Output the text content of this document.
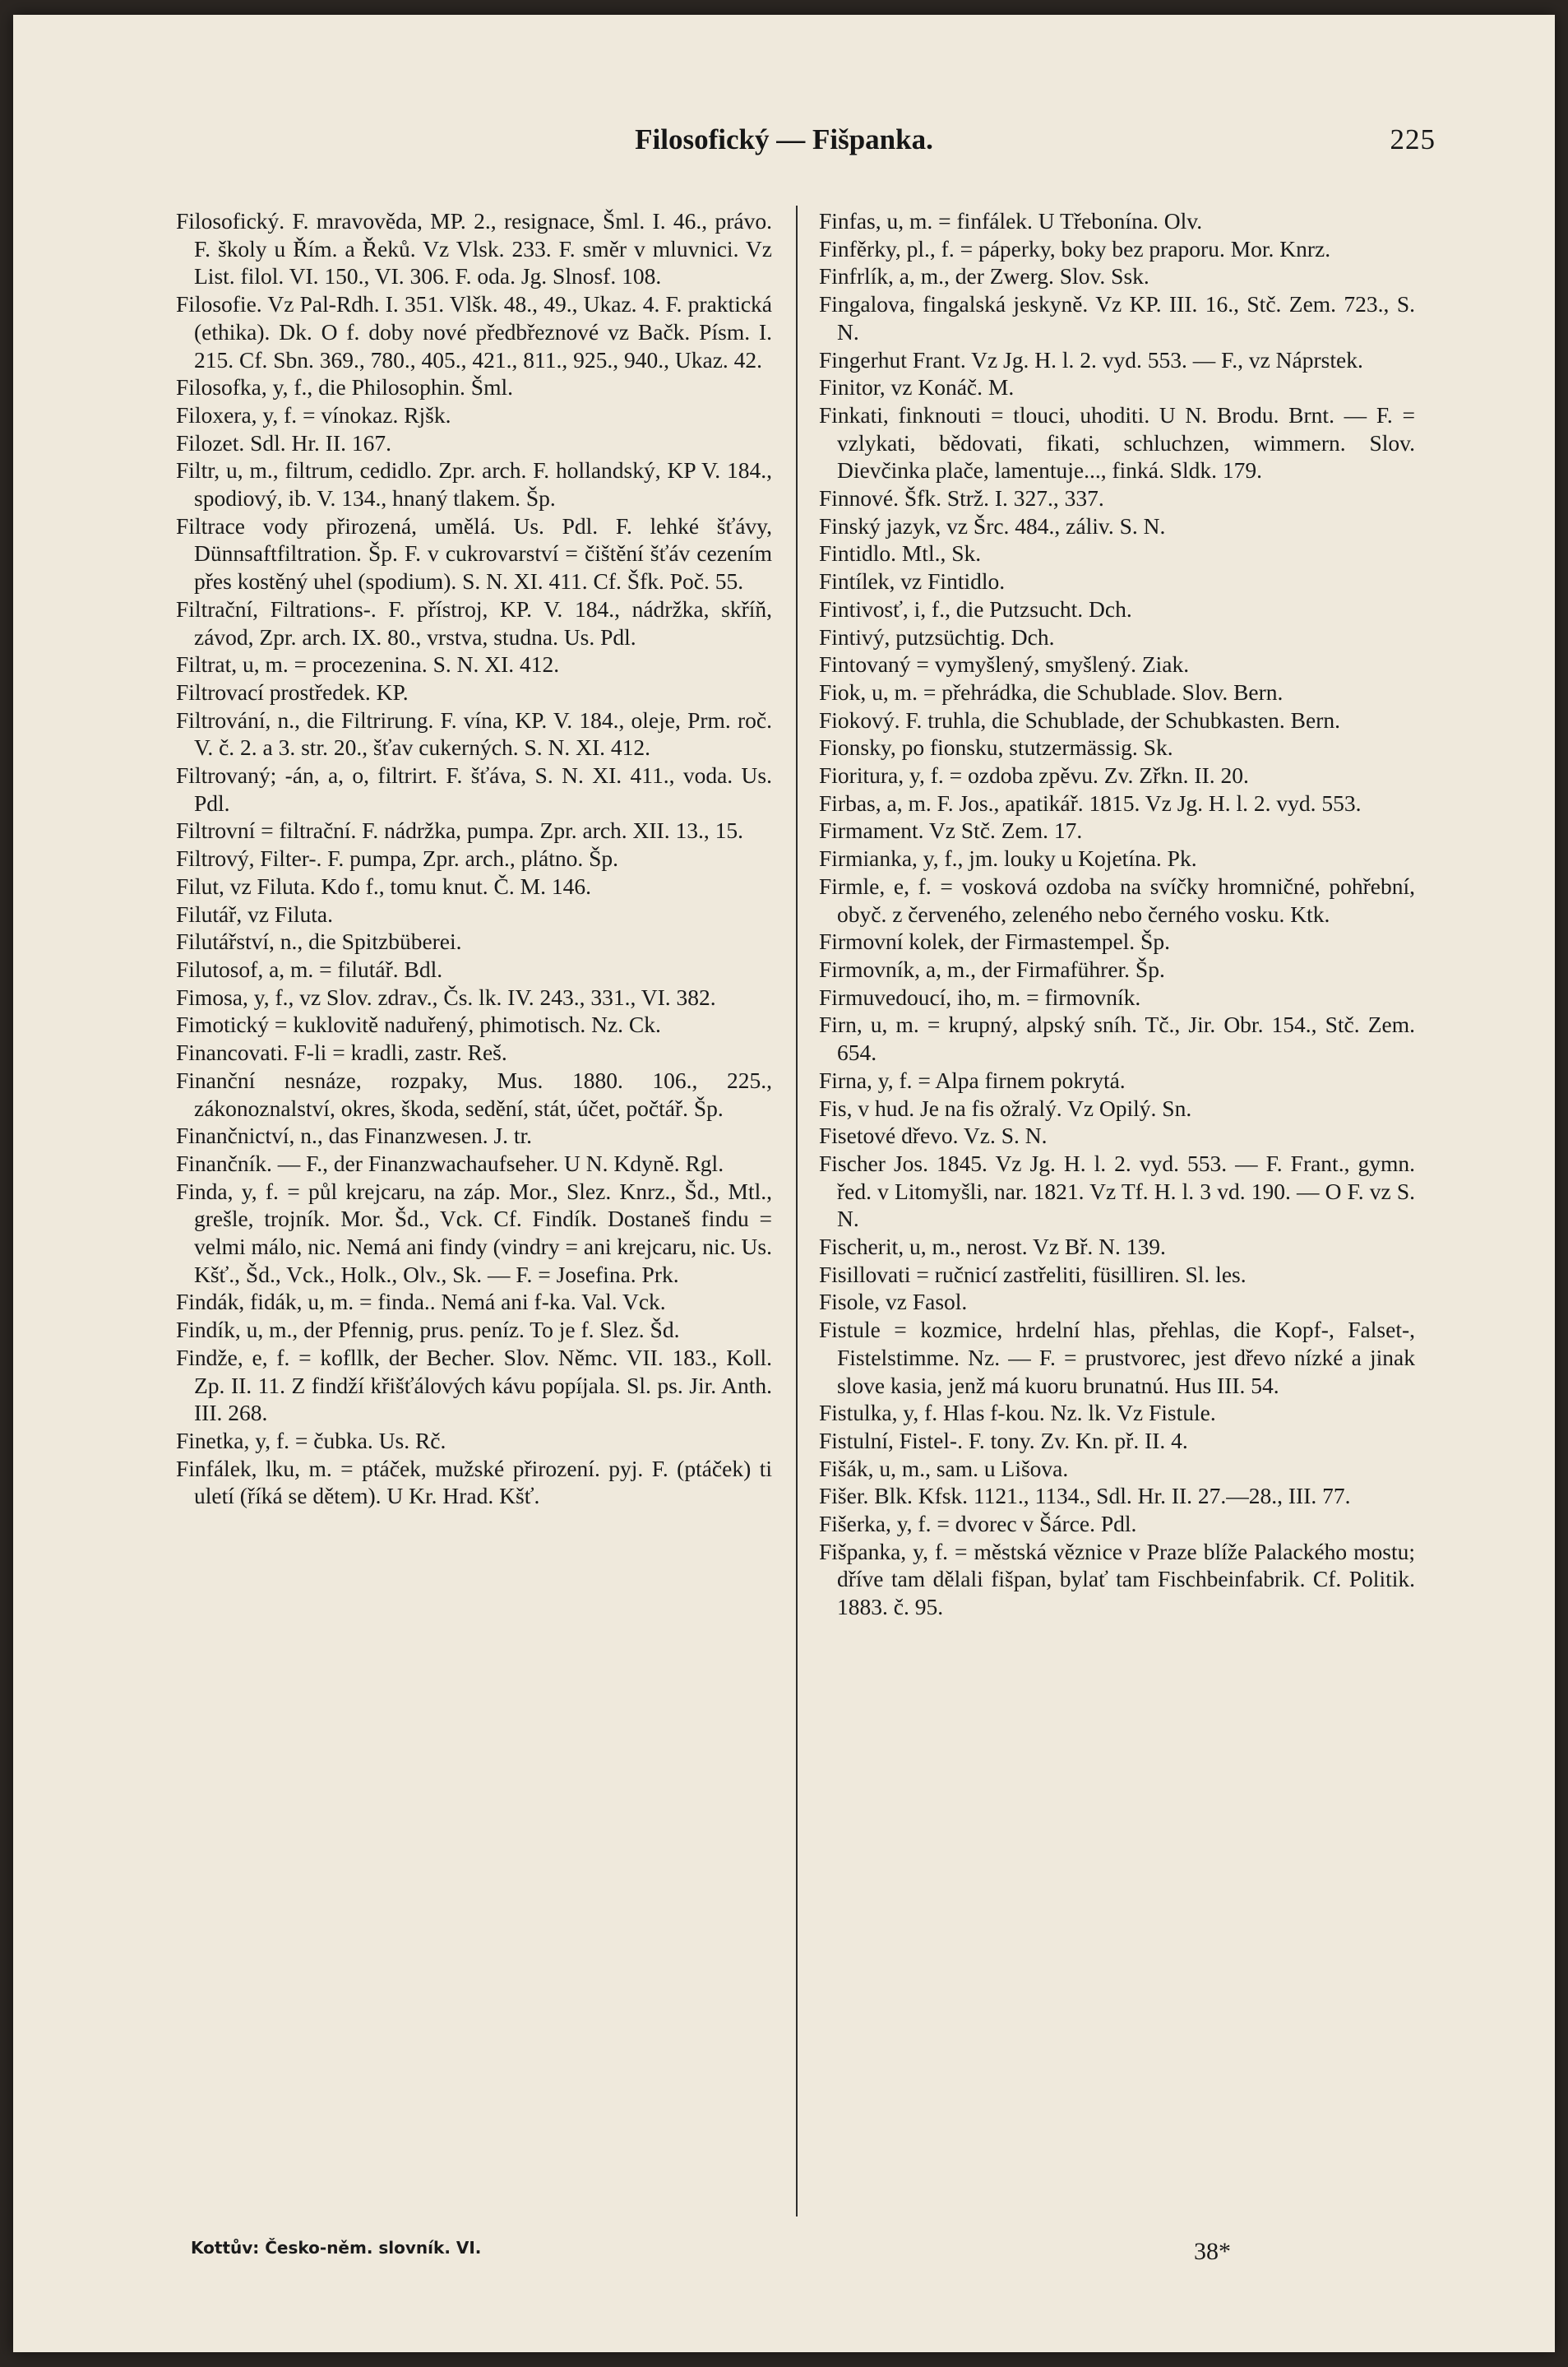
Filosofický — Fišpanka.	225

Filosofický. F. mravověda, MP. 2., resignace, Šml. I. 46., právo. F. školy u Řím. a Řeků. Vz Vlsk. 233. F. směr v mluvnici. Vz List. filol. VI. 150., VI. 306. F. oda. Jg. Slnosf. 108.

Filosofie. Vz Pal-Rdh. I. 351. Vlšk. 48., 49., Ukaz. 4. F. praktická (ethika). Dk. O f. doby nové předbřeznové vz Bačk. Písm. I. 215. Cf. Sbn. 369., 780., 405., 421., 811., 925., 940., Ukaz. 42.

Filosofka, y, f., die Philosophin. Šml.

Filoxera, y, f. = vínokaz. Rjšk.

Filozet. Sdl. Hr. II. 167.

Filtr, u, m., filtrum, cedidlo. Zpr. arch. F. hollandský, KP V. 184., spodiový, ib. V. 134., hnaný tlakem. Šp.

Filtrace vody přirozená, umělá. Us. Pdl. F. lehké šťávy, Dünnsaftfiltration. Šp. F. v cukrovarství = čištění šťáv cezením přes kostěný uhel (spodium). S. N. XI. 411. Cf. Šfk. Poč. 55.

Filtrační, Filtrations-. F. přístroj, KP. V. 184., nádržka, skříň, závod, Zpr. arch. IX. 80., vrstva, studna. Us. Pdl.

Filtrat, u, m. = procezenina. S. N. XI. 412.

Filtrovací prostředek. KP.

Filtrování, n., die Filtrirung. F. vína, KP. V. 184., oleje, Prm. roč. V. č. 2. a 3. str. 20., šťav cukerných. S. N. XI. 412.

Filtrovaný; -án, a, o, filtrirt. F. šťáva, S. N. XI. 411., voda. Us. Pdl.

Filtrovní = filtrační. F. nádržka, pumpa. Zpr. arch. XII. 13., 15.

Filtrový, Filter-. F. pumpa, Zpr. arch., plátno. Šp.

Filut, vz Filuta. Kdo f., tomu knut. Č. M. 146.

Filutář, vz Filuta.

Filutářství, n., die Spitzbüberei.

Filutosof, a, m. = filutář. Bdl.

Fimosa, y, f., vz Slov. zdrav., Čs. lk. IV. 243., 331., VI. 382.

Fimotický = kuklovitě naduřený, phimotisch. Nz. Ck.

Financovati. F-li = kradli, zastr. Reš.

Finanční nesnáze, rozpaky, Mus. 1880. 106., 225., zákonoznalství, okres, škoda, sedění, stát, účet, počtář. Šp.

Finančnictví, n., das Finanzwesen. J. tr.

Finančník. — F., der Finanzwachaufseher. U N. Kdyně. Rgl.

Finda, y, f. = půl krejcaru, na záp. Mor., Slez. Knrz., Šd., Mtl., grešle, trojník. Mor. Šd., Vck. Cf. Findík. Dostaneš findu = velmi málo, nic. Nemá ani findy (vindry = ani krejcaru, nic. Us. Kšť., Šd., Vck., Holk., Olv., Sk. — F. = Josefina. Prk.

Findák, fidák, u, m. = finda.. Nemá ani f-ka. Val. Vck.

Findík, u, m., der Pfennig, prus. peníz. To je f. Slez. Šd.

Findže, e, f. = kofllk, der Becher. Slov. Němc. VII. 183., Koll. Zp. II. 11. Z findží křišťálových kávu popíjala. Sl. ps. Jir. Anth. III. 268.

Finetka, y, f. = čubka. Us. Rč.

Finfálek, lku, m. = ptáček, mužské přirození. pyj. F. (ptáček) ti uletí (říká se dětem). U Kr. Hrad. Kšť.

Finfas, u, m. = finfálek. U Třebonína. Olv.

Finfěrky, pl., f. = páperky, boky bez praporu. Mor. Knrz.

Finfrlík, a, m., der Zwerg. Slov. Ssk.

Fingalova, fingalská jeskyně. Vz KP. III. 16., Stč. Zem. 723., S. N.

Fingerhut Frant. Vz Jg. H. l. 2. vyd. 553. — F., vz Náprstek.

Finitor, vz Konáč. M.

Finkati, finknouti = tlouci, uhoditi. U N. Brodu. Brnt. — F. = vzlykati, bědovati, fikati, schluchzen, wimmern. Slov. Dievčinka plače, lamentuje..., finká. Sldk. 179.

Finnové. Šfk. Strž. I. 327., 337.

Finský jazyk, vz Šrc. 484., záliv. S. N.

Fintidlo. Mtl., Sk.

Fintílek, vz Fintidlo.

Fintivosť, i, f., die Putzsucht. Dch.

Fintivý, putzsüchtig. Dch.

Fintovaný = vymyšlený, smyšlený. Ziak.

Fiok, u, m. = přehrádka, die Schublade. Slov. Bern.

Fiokový. F. truhla, die Schublade, der Schubkasten. Bern.

Fionsky, po fionsku, stutzermässig. Sk.

Fioritura, y, f. = ozdoba zpěvu. Zv. Zřkn. II. 20.

Firbas, a, m. F. Jos., apatikář. 1815. Vz Jg. H. l. 2. vyd. 553.

Firmament. Vz Stč. Zem. 17.

Firmianka, y, f., jm. louky u Kojetína. Pk.

Firmle, e, f. = vosková ozdoba na svíčky hromničné, pohřební, obyč. z červeného, zeleného nebo černého vosku. Ktk.

Firmovní kolek, der Firmastempel. Šp.

Firmovník, a, m., der Firmaführer. Šp.

Firmuvedoucí, iho, m. = firmovník.

Firn, u, m. = krupný, alpský sníh. Tč., Jir. Obr. 154., Stč. Zem. 654.

Firna, y, f. = Alpa firnem pokrytá.

Fis, v hud. Je na fis ožralý. Vz Opilý. Sn.

Fisetové dřevo. Vz. S. N.

Fischer Jos. 1845. Vz Jg. H. l. 2. vyd. 553. — F. Frant., gymn. řed. v Litomyšli, nar. 1821. Vz Tf. H. l. 3 vd. 190. — O F. vz S. N.

Fischerit, u, m., nerost. Vz Bř. N. 139.

Fisillovati = ručnicí zastřeliti, füsilliren. Sl. les.

Fisole, vz Fasol.

Fistule = kozmice, hrdelní hlas, přehlas, die Kopf-, Falset-, Fistelstimme. Nz. — F. = prustvorec, jest dřevo nízké a jinak slove kasia, jenž má kuoru brunatnú. Hus III. 54.

Fistulka, y, f. Hlas f-kou. Nz. lk. Vz Fistule.

Fistulní, Fistel-. F. tony. Zv. Kn. př. II. 4.

Fišák, u, m., sam. u Lišova.

Fišer. Blk. Kfsk. 1121., 1134., Sdl. Hr. II. 27.—28., III. 77.

Fišerka, y, f. = dvorec v Šárce. Pdl.

Fišpanka, y, f. = městská věznice v Praze blíže Palackého mostu; dříve tam dělali fišpan, bylať tam Fischbeinfabrik. Cf. Politik. 1883. č. 95.

Kottův: Česko-něm. slovník. VI.	38*
